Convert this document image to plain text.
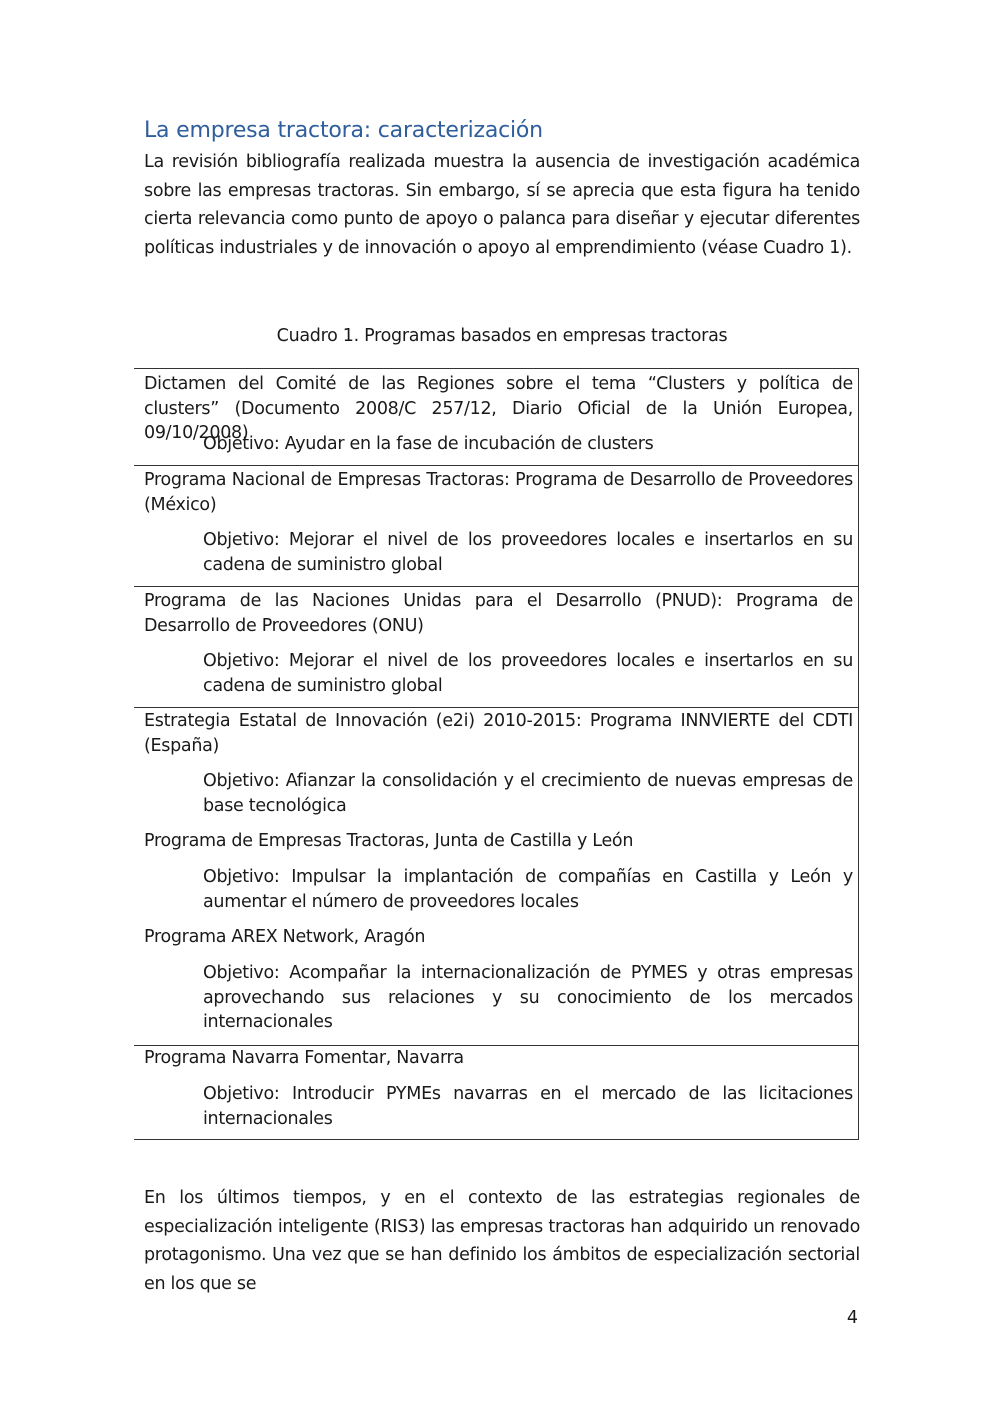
La empresa tractora: caracterización

La revisión bibliografía realizada muestra la ausencia de investigación académica sobre las empresas tractoras. Sin embargo, sí se aprecia que esta figura ha tenido cierta relevancia como punto de apoyo o palanca para diseñar y ejecutar diferentes políticas industriales y de innovación o apoyo al emprendimiento (véase Cuadro 1).

Cuadro 1. Programas basados en empresas tractoras

Dictamen del Comité de las Regiones sobre el tema “Clusters y política de clusters” (Documento 2008/C 257/12, Diario Oficial de la Unión Europea, 09/10/2008)

Objetivo: Ayudar en la fase de incubación de clusters

Programa Nacional de Empresas Tractoras: Programa de Desarrollo de Proveedores (México)

Objetivo: Mejorar el nivel de los proveedores locales e insertarlos en su cadena de suministro global

Programa de las Naciones Unidas para el Desarrollo (PNUD): Programa de Desarrollo de Proveedores (ONU)

Objetivo: Mejorar el nivel de los proveedores locales e insertarlos en su cadena de suministro global

Estrategia Estatal de Innovación (e2i) 2010-2015: Programa INNVIERTE del CDTI (España)

Objetivo: Afianzar la consolidación y el crecimiento de nuevas empresas de base tecnológica

Programa de Empresas Tractoras, Junta de Castilla y León

Objetivo: Impulsar la implantación de compañías en Castilla y León y aumentar el número de proveedores locales

Programa AREX Network, Aragón

Objetivo: Acompañar la internacionalización de PYMES y otras empresas aprovechando sus relaciones y su conocimiento de los mercados internacionales

Programa Navarra Fomentar, Navarra

Objetivo: Introducir PYMEs navarras en el mercado de las licitaciones internacionales

En los últimos tiempos, y en el contexto de las estrategias regionales de especialización inteligente (RIS3) las empresas tractoras han adquirido un renovado protagonismo. Una vez que se han definido los ámbitos de especialización sectorial en los que se

4
